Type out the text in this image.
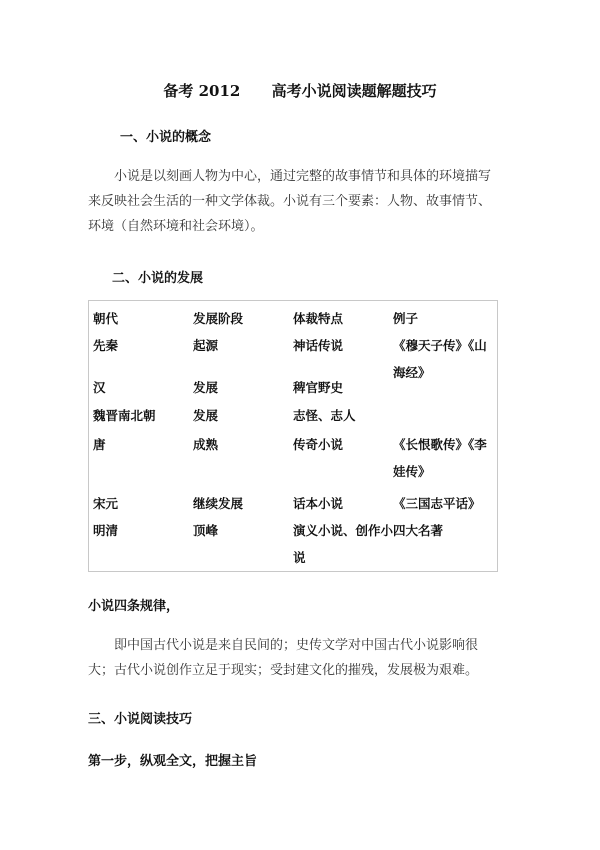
备考 2012      高考小说阅读题解题技巧
一、小说的概念
小说是以刻画人物为中心，通过完整的故事情节和具体的环境描写来反映社会生活的一种文学体裁。小说有三个要素：人物、故事情节、环境（自然环境和社会环境）。
二、小说的发展
朝代	发展阶段	体裁特点	例子
先秦	起源	神话传说	《穆天子传》《山海经》
汉	发展	稗官野史
魏晋南北朝	发展	志怪、志人
唐	成熟	传奇小说	《长恨歌传》《李娃传》
宋元	继续发展	话本小说	《三国志平话》
明清	顶峰	演义小说、创作小说
四大名著
小说四条规律，
即中国古代小说是来自民间的；史传文学对中国古代小说影响很大；古代小说创作立足于现实；受封建文化的摧残，发展极为艰难。
三、小说阅读技巧
第一步，纵观全文，把握主旨
